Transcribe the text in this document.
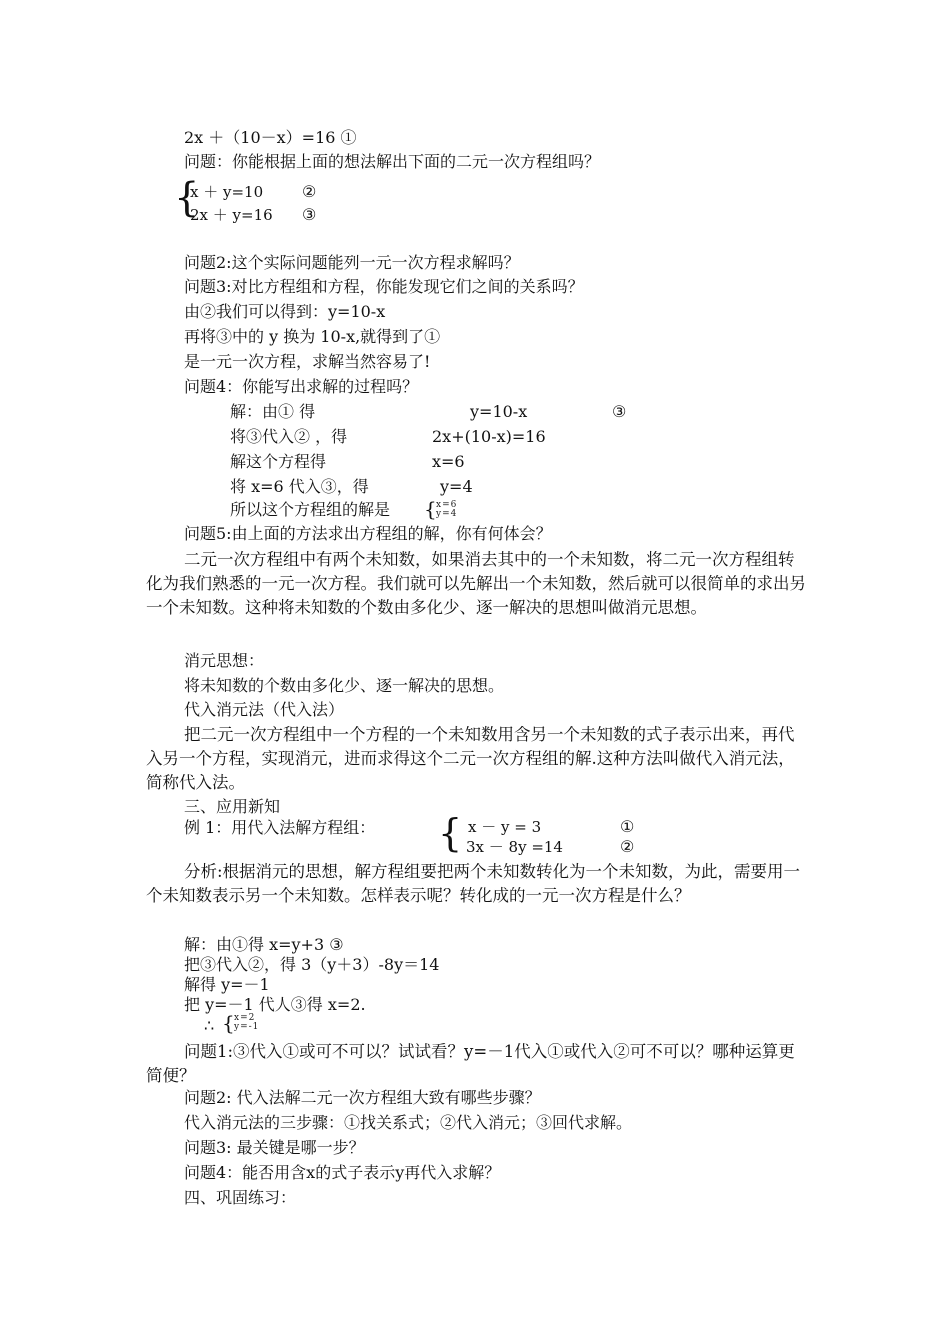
2x ＋（10－x）=16 ①
问题：你能根据上面的想法解出下面的二元一次方程组吗？
{
x ＋ y=10 ②
2x ＋ y=16 ③
问题2:这个实际问题能列一元一次方程求解吗？
问题3:对比方程组和方程，你能发现它们之间的关系吗？
由②我们可以得到：y=10-x
再将③中的 y 换为 10-x,就得到了①
是一元一次方程，求解当然容易了!
问题4：你能写出求解的过程吗？
解：由① 得	y=10-x	③
将③代入② ，得	2x+(10-x)=16
解这个方程得	x=6
将 x=6 代入③，得	y=4
所以这个方程组的解是 { x=6
y=4
问题5:由上面的方法求出方程组的解，你有何体会？
二元一次方程组中有两个未知数，如果消去其中的一个未知数，将二元一次方程组转化为我们熟悉的一元一次方程。我们就可以先解出一个未知数，然后就可以很简单的求出另一个未知数。这种将未知数的个数由多化少、逐一解决的思想叫做消元思想。
消元思想：
将未知数的个数由多化少、逐一解决的思想。
代入消元法（代入法）
把二元一次方程组中一个方程的一个未知数用含另一个未知数的式子表示出来，再代入另一个方程，实现消元，进而求得这个二元一次方程组的解.这种方法叫做代入消元法，简称代入法。
三、应用新知
例 1：用代入法解方程组： { x － y = 3	①
3x － 8y =14	②
分析:根据消元的思想，解方程组要把两个未知数转化为一个未知数，为此，需要用一个未知数表示另一个未知数。怎样表示呢？转化成的一元一次方程是什么？
解：由①得 x=y+3 ③
把③代入②，得 3（y＋3）-8y＝14
解得 y=－1
把 y=－1 代人③得 x=2.
∴ { x=2
y=-1
问题1:③代入①或可不可以？试试看？y=－1代入①或代入②可不可以？哪种运算更简便？
问题2: 代入法解二元一次方程组大致有哪些步骤？
代入消元法的三步骤：①找关系式；②代入消元；③回代求解。
问题3: 最关键是哪一步？
问题4：能否用含x的式子表示y再代入求解？
四、巩固练习：
